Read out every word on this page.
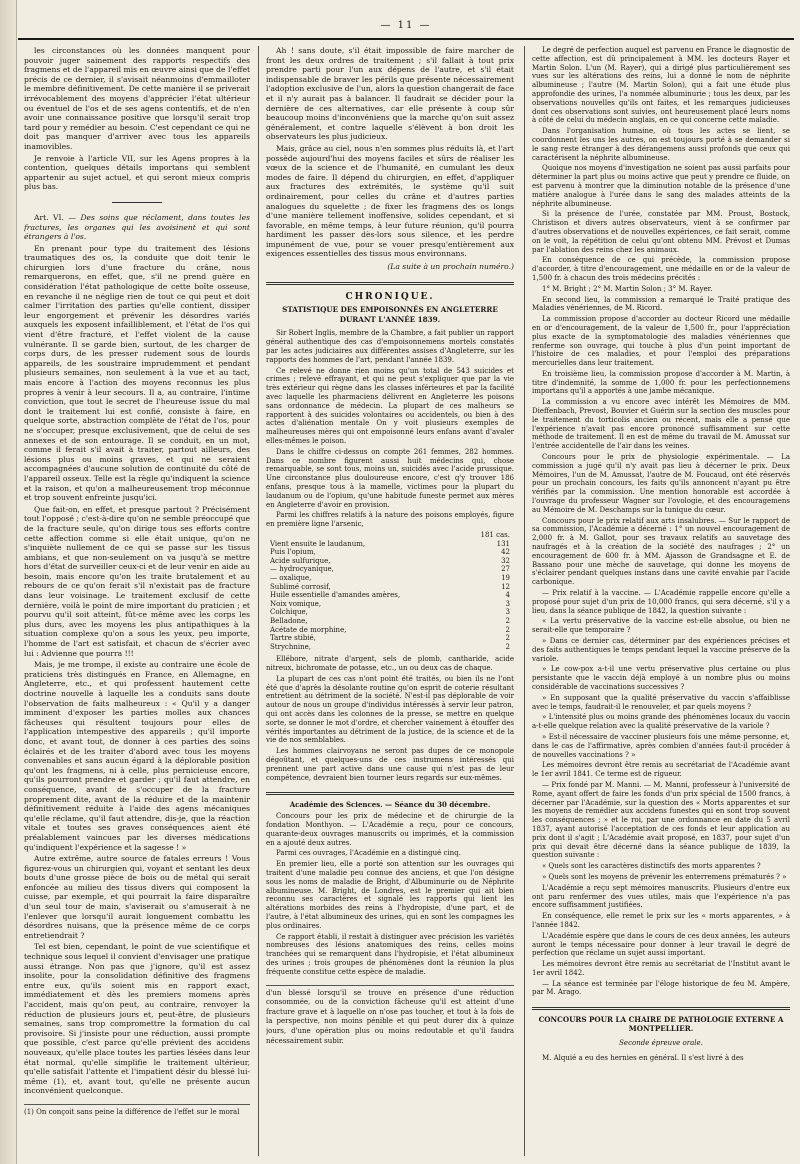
— 11 —

les circonstances où les données manquent pour pouvoir juger sainement des rapports respectifs des fragmens et de l'appareil mis en œuvre ainsi que de l'effet précis de ce dernier, il s'avisait néanmoins d'emmailloter le membre définitivement. De cette manière il se priverait irrévocablement des moyens d'apprécier l'état ultérieur ou éventuel de l'os et de ses agens contentifs, et de n'en avoir une connaissance positive que lorsqu'il serait trop tard pour y remédier au besoin. C'est cependant ce qui ne doit pas manquer d'arriver avec tous les appareils inamovibles.

Je renvoie à l'article VII, sur les Agens propres à la contention, quelques détails importans qui semblent appartenir au sujet actuel, et qui seront mieux compris plus bas.

Art. VI. — Des soins que réclament, dans toutes les fractures, les organes qui les avoisinent et qui sont étrangers à l'os.

En prenant pour type du traitement des lésions traumatiques des os, la conduite que doit tenir le chirurgien lors d'une fracture du crâne, nous remarquerons, en effet, que, s'il ne prend guère en considération l'état pathologique de cette boîte osseuse, en revanche il ne néglige rien de tout ce qui peut et doit calmer l'irritation des parties qu'elle contient, dissiper leur engorgement et prévenir les désordres variés auxquels les exposent infailliblement, et l'état de l'os qui vient d'être fracturé, et l'effet violent de la cause vulnérante. Il se garde bien, surtout, de les charger de corps durs, de les presser rudement sous de lourds appareils, de les soustraire imprudemment et pendant plusieurs semaines, non seulement à la vue et au tact, mais encore à l'action des moyens reconnus les plus propres à venir à leur secours. Il a, au contraire, l'intime conviction, que tout le secret de l'heureuse issue du mal dont le traitement lui est confié, consiste à faire, en quelque sorte, abstraction complète de l'état de l'os, pour ne s'occuper, presque exclusivement, que de celui de ses annexes et de son entourage. Il se conduit, en un mot, comme il ferait s'il avait à traiter, partout ailleurs, des lésions plus ou moins graves, et qui ne seraient accompagnées d'aucune solution de continuité du côté de l'appareil osseux. Telle est la règle qu'indiquent la science et la raison, et qu'on a malheureusement trop méconnue et trop souvent enfreinte jusqu'ici.

Que fait-on, en effet, et presque partout ? Précisément tout l'opposé ; c'est-à-dire qu'on ne semble préoccupé que de la fracture seule, qu'on dirige tous ses efforts contre cette affection comme si elle était unique, qu'on ne s'inquiète nullement de ce qui se passe sur les tissus ambians, et que non-seulement on va jusqu'à se mettre hors d'état de surveiller ceux-ci et de leur venir en aide au besoin, mais encore qu'on les traite brutalement et au rebours de ce qu'on ferait s'il n'existait pas de fracture dans leur voisinage. Le traitement exclusif de cette dernière, voilà le point de mire important du praticien ; et pourvu qu'il soit atteint, fût-ce même avec les corps les plus durs, avec les moyens les plus antipathiques à la situation complexe qu'on a sous les yeux, peu importe, l'homme de l'art est satisfait, et chacun de s'écrier avec lui : Advienne que pourra !!!

Mais, je me trompe, il existe au contraire une école de praticiens très distingués en France, en Allemagne, en Angleterre, etc., et qui professent hautement cette doctrine nouvelle à laquelle les a conduits sans doute l'observation de faits malheureux : « Qu'il y a danger imminent d'exposer les parties molles aux chances fâcheuses qui résultent toujours pour elles de l'application intempestive des appareils ; qu'il importe donc, et avant tout, de donner à ces parties des soins éclairés et de les traiter d'abord avec tous les moyens convenables et sans aucun égard à la déplorable position qu'ont les fragmens, ni à celle, plus pernicieuse encore, qu'ils pourront prendre et garder ; qu'il faut attendre, en conséquence, avant de s'occuper de la fracture proprement dite, avant de la réduire et de la maintenir définitivement réduite à l'aide des agens mécaniques qu'elle réclame, qu'il faut attendre, dis-je, que la réaction vitale et toutes ses graves conséquences aient été préalablement vaincues par les diverses médications qu'indiquent l'expérience et la sagesse ! »

Autre extrême, autre source de fatales erreurs ! Vous figurez-vous un chirurgien qui, voyant et sentant les deux bouts d'une grosse pièce de bois ou de métal qui serait enfoncée au milieu des tissus divers qui composent la cuisse, par exemple, et qui pourrait la faire disparaître d'un seul tour de main, s'aviserait ou s'amuserait à ne l'enlever que lorsqu'il aurait longuement combattu les désordres nuisans, que la présence même de ce corps entretiendrait ?

Tel est bien, cependant, le point de vue scientifique et technique sous lequel il convient d'envisager une pratique aussi étrange. Non pas que j'ignore, qu'il est assez insolite, pour la consolidation définitive des fragmens entre eux, qu'ils soient mis en rapport exact, immédiatement et dès les premiers momens après l'accident, mais qu'on peut, au contraire, renvoyer la réduction de plusieurs jours et, peut-être, de plusieurs semaines, sans trop compromettre la formation du cal provisoire. Si j'insiste pour une réduction, aussi prompte que possible, c'est parce qu'elle prévient des accidens nouveaux, qu'elle place toutes les parties lésées dans leur état normal, qu'elle simplifie le traitement ultérieur, qu'elle satisfait l'attente et l'impatient désir du blessé lui-même (1), et, avant tout, qu'elle ne présente aucun inconvénient quelconque.

(1) On conçoit sans peine la différence de l'effet sur le moral

Ah ! sans doute, s'il était impossible de faire marcher de front les deux ordres de traitement ; s'il fallait à tout prix prendre parti pour l'un aux dépens de l'autre, et s'il était indispensable de braver les périls que présente nécessairement l'adoption exclusive de l'un, alors la question changerait de face et il n'y aurait pas à balancer. Il faudrait se décider pour la dernière de ces alternatives, car elle présente à coup sûr beaucoup moins d'inconvéniens que la marche qu'on suit assez généralement, et contre laquelle s'élèvent à bon droit les observateurs les plus judicieux.

Mais, grâce au ciel, nous n'en sommes plus réduits là, et l'art possède aujourd'hui des moyens faciles et sûrs de réaliser les vœux de la science et de l'humanité, en cumulant les deux modes de faire. Il dépend du chirurgien, en effet, d'appliquer aux fractures des extrémités, le système qu'il suit ordinairement, pour celles du crâne et d'autres parties analogues du squelette ; de fixer les fragmens des os longs d'une manière tellement inoffensive, solides cependant, et si favorable, en même temps, à leur future réunion, qu'il pourra hardiment les passer dès-lors sous silence, et les perdre impunément de vue, pour se vouer presqu'entièrement aux exigences essentielles des tissus mous environnans.

(La suite à un prochain numéro.)

CHRONIQUE.
STATISTIQUE DES EMPOISONNÉS EN ANGLETERRE DURANT L'ANNÉE 1839.

Sir Robert Inglis, membre de la Chambre, a fait publier un rapport général authentique des cas d'empoisonnemens mortels constatés par les actes judiciaires aux différentes assises d'Angleterre, sur les rapports des hommes de l'art, pendant l'année 1839.

Ce relevé ne donne rien moins qu'un total de 543 suicides et crimes ; relevé effrayant, et qui ne peut s'expliquer que par la vie très extérieur qui règne dans les classes inférieures et par la facilité avec laquelle les pharmaciens délivrent en Angleterre les poisons sans ordonnance de médecin. La plupart de ces malheurs se rapportent à des suicides volontaires ou accidentels, ou bien à des actes d'aliénation mentale On y voit plusieurs exemples de malheureuses mères qui ont empoisonné leurs enfans avant d'avaler elles-mêmes le poison.

Dans le chiffre ci-dessus on compte 261 femmes, 282 hommes. Dans ce nombre figurent aussi huit médecins qui, chose remarquable, se sont tous, moins un, suicidés avec l'acide prussique. Une circonstance plus douloureuse encore, c'est q'y trouver 186 enfans, presque tous à la mamelle, victimes pour la plupart du laudanum ou de l'opium, qu'une habitude funeste permet aux mères en Angleterre d'avoir en provision.

Parmi les chiffres relatifs à la nature des poisons employés, figure en première ligne l'arsenic,

	181 cas.
Vient ensuite le laudanum,	131
Puis l'opium,	42
Acide sulfurique,	32
— hydrocyanique,	27
— oxalique,	19
Sublimé corrosif,	12
Huile essentielle d'amandes amères,	4
Noix vomique,	3
Colchique,	3
Belladone,	2
Acétate de morphine,	2
Tartre stibié,	2
Strychnine,	2

Ellébore, nitrate d'argent, sels de plomb, cantharide, acide nitreux, bichromate de potasse, etc., un ou deux cas de chaque.

La plupart de ces cas n'ont point été traités, ou bien ils ne l'ont été que d'après la désolante routine qu'on esprit de coterie résultant entretient au détriment de la société. N'est-il pas déplorable de voir autour de nous un groupe d'individus intéressés à servir leur patron, qui ont accès dans les colonnes de la presse, se mettre en quelque sorte, se donner le mot d'ordre, et chercher vainement à étouffer des vérités importantes au détriment de la justice, de la science et de la vie de nos semblables.

Les hommes clairvoyans ne seront pas dupes de ce monopole dégoûtant, et quelques-uns de ces instrumens intéressés qui prennent une part active dans une cause qui n'est pas de leur compétence, devraient bien tourner leurs regards sur eux-mêmes.

Académie des Sciences. — Séance du 30 décembre.

Concours pour les prix de médecine et de chirurgie de la fondation Monthyon. — L'Académie a reçu, pour ce concours, quarante-deux ouvrages manuscrits ou imprimés, et la commission en a ajouté deux autres.

Parmi ces ouvrages, l'Académie en a distingué cinq.

En premier lieu, elle a porté son attention sur les ouvrages qui traitent d'une maladie peu connue des anciens, et que l'on désigne sous les noms de maladie de Bright, d'Albuminurie ou de Néphrite albumineuse. M. Bright, de Londres, est le premier qui ait bien reconnu ses caractères et signalé les rapports qui lient les altérations morbides des reins à l'hydropisie, d'une part, et de l'autre, à l'état albumineux des urines, qui en sont les compagnes les plus ordinaires.

Ce rapport établi, il restait à distinguer avec précision les variétés nombreuses des lésions anatomiques des reins, celles moins tranchées qui se remarquent dans l'hydropisie, et l'état albumineux des urines ; trois groupes de phénomènes dont la réunion la plus fréquente constitue cette espèce de maladie.

d'un blessé lorsqu'il se trouve en présence d'une réduction consommée, ou de la conviction fâcheuse qu'il est atteint d'une fracture grave et à laquelle on n'ose pas toucher, et tout à la fois de la perspective, non moins pénible et qui peut durer dix à quinze jours, d'une opération plus ou moins redoutable et qu'il faudra nécessairement subir.

Le degré de perfection auquel est parvenu en France le diagnostic de cette affection, est dû principalement à MM. les docteurs Rayer et Martin Solon. L'un (M. Rayer), qui a dirigé plus particulièrement ses vues sur les altérations des reins, lui a donné le nom de néphrite albumineuse ; l'autre (M. Martin Solon), qui a fait une étude plus approfondie des urines, l'a nommée albuminurie ; tous les deux, par les observations nouvelles qu'ils ont faites, et les remarques judicieuses dont ces observations sont suivies, ont heureusement placé leurs noms à côté de celui du médecin anglais, en ce qui concerne cette maladie.

Dans l'organisation humaine, où tous les actes se lient, se coordonnent les uns les autres, on est toujours porté à se demander si le sang reste étranger à des dérangemens aussi profonds que ceux qui caractérisent la néphrite albumineuse.

Quoique nos moyens d'investigation ne soient pas aussi parfaits pour déterminer la part plus ou moins active que peut y prendre ce fluide, on est parvenu à montrer que la diminution notable de la présence d'une matière analogue à l'urée dans le sang des malades atteints de la néphrite albumineuse.

Si la présence de l'urée, constatée par MM. Proust, Bostock, Christison et divers autres observateurs, vient à se confirmer par d'autres observations et de nouvelles expériences, ce fait serait, comme on le voit, la répétition de celui qu'ont obtenu MM. Prévost et Dumas par l'ablation des reins chez les animaux.

En conséquence de ce qui précède, la commission propose d'accorder, à titre d'encouragement, une médaille en or de la valeur de 1,500 fr. à chacun des trois médecins précités :

1° M. Bright ; 2° M. Martin Solon ; 3° M. Rayer.

En second lieu, la commission a remarqué le Traité pratique des Maladies vénériennes, de M. Ricord.

La commission propose d'accorder au docteur Ricord une médaille en or d'encouragement, de la valeur de 1,500 fr., pour l'appréciation plus exacte de la symptomatologie des maladies vénériennes que renferme son ouvrage, qui touche à plus d'un point important de l'histoire de ces maladies, et pour l'emploi des préparations mercurielles dans leur traitement.

En troisième lieu, la commission propose d'accorder à M. Martin, à titre d'indemnité, la somme de 1,000 fr. pour les perfectionnemens importans qu'il a apportés à une jambe mécanique.

La commission a vu encore avec intérêt les Mémoires de MM. Dieffenbach, Prevost, Bouvier et Guérin sur la section des muscles pour le traitement du torticolis ancien ou récent, mais elle a pensé que l'expérience n'avait pas encore prononcé suffisamment sur cette méthode de traitement. Il en est de même du travail de M. Amussat sur l'entrée accidentelle de l'air dans les veines.

Concours pour le prix de physiologie expérimentale. — La commission a jugé qu'il n'y avait pas lieu à décerner le prix. Deux Mémoires, l'un de M. Amussat, l'autre de M. Foucaud, ont été réservés pour un prochain concours, les faits qu'ils annoncent n'ayant pu être vérifiés par la commission. Une mention honorable est accordée à l'ouvrage du professeur Wagner sur l'ovologie, et des encouragemens au Mémoire de M. Deschamps sur la tunique du cœur.

Concours pour le prix relatif aux arts insalubres. — Sur le rapport de sa commission, l'Académie a décerné : 1° un nouvel encouragement de 2,000 fr. à M. Gallot, pour ses travaux relatifs au sauvetage des naufragés et à la création de la société des naufrages ; 2° un encouragement de 600 fr. à MM. Ajasson de Grandsagne et E. de Bassano pour une mèche de sauvetage, qui donne les moyens de s'éclairer pendant quelques instans dans une cavité envahie par l'acide carbonique.

— Prix relatif à la vaccine. — L'Académie rappelle encore qu'elle a proposé pour sujet d'un prix de 10,000 francs, qui sera décerné, s'il y a lieu, dans la séance publique de 1842, la question suivante :

« La vertu préservative de la vaccine est-elle absolue, ou bien ne serait-elle que temporaire ?

» Dans ce dernier cas, déterminer par des expériences précises et des faits authentiques le temps pendant lequel la vaccine préserve de la variole.

» Le cow-pox a-t-il une vertu préservative plus certaine ou plus persistante que le vaccin déjà employé à un nombre plus ou moins considérable de vaccinations successives ?

» En supposant que la qualité préservative du vaccin s'affaiblisse avec le temps, faudrait-il le renouveler, et par quels moyens ?

» L'intensité plus ou moins grande des phénomènes locaux du vaccin a-t-elle quelque relation avec la qualité préservative de la variole ?

» Est-il nécessaire de vacciner plusieurs fois une même personne, et, dans le cas de l'affirmative, après combien d'années faut-il procéder à de nouvelles vaccinations ? »

Les mémoires devront être remis au secrétariat de l'Académie avant le 1er avril 1841. Ce terme est de rigueur.

— Prix fondé par M. Manni. — M. Manni, professeur à l'université de Rome, ayant offert de faire les fonds d'un prix spécial de 1500 francs, à décerner par l'Académie, sur la question des « Morts apparentes et sur les moyens de remédier aux accidens funestes qui en sont trop souvent les conséquences ; » et le roi, par une ordonnance en date du 5 avril 1837, ayant autorisé l'acceptation de ces fonds et leur application au prix dont il s'agit ; L'Académie avait proposé, en 1837, pour sujet d'un prix qui devait être décerné dans la séance publique de 1839, la question suivante :

« Quels sont les caractères distinctifs des morts apparentes ?

» Quels sont les moyens de prévenir les enterremens prématurés ? »

L'Académie a reçu sept mémoires manuscrits. Plusieurs d'entre eux ont paru renfermer des vues utiles, mais que l'expérience n'a pas encore suffisamment justifiées.

En conséquence, elle remet le prix sur les « morts apparentes, » à l'année 1842.

L'Académie espère que dans le cours de ces deux années, les auteurs auront le temps nécessaire pour donner à leur travail le degré de perfection que réclame un sujet aussi important.

Les mémoires devront être remis au secrétariat de l'Institut avant le 1er avril 1842.

— La séance est terminée par l'éloge historique de feu M. Ampère, par M. Arago.

CONCOURS POUR LA CHAIRE DE PATHOLOGIE EXTERNE A MONTPELLIER.

Seconde épreuve orale.

M. Alquié a eu des hernies en général. Il s'est livré à des
